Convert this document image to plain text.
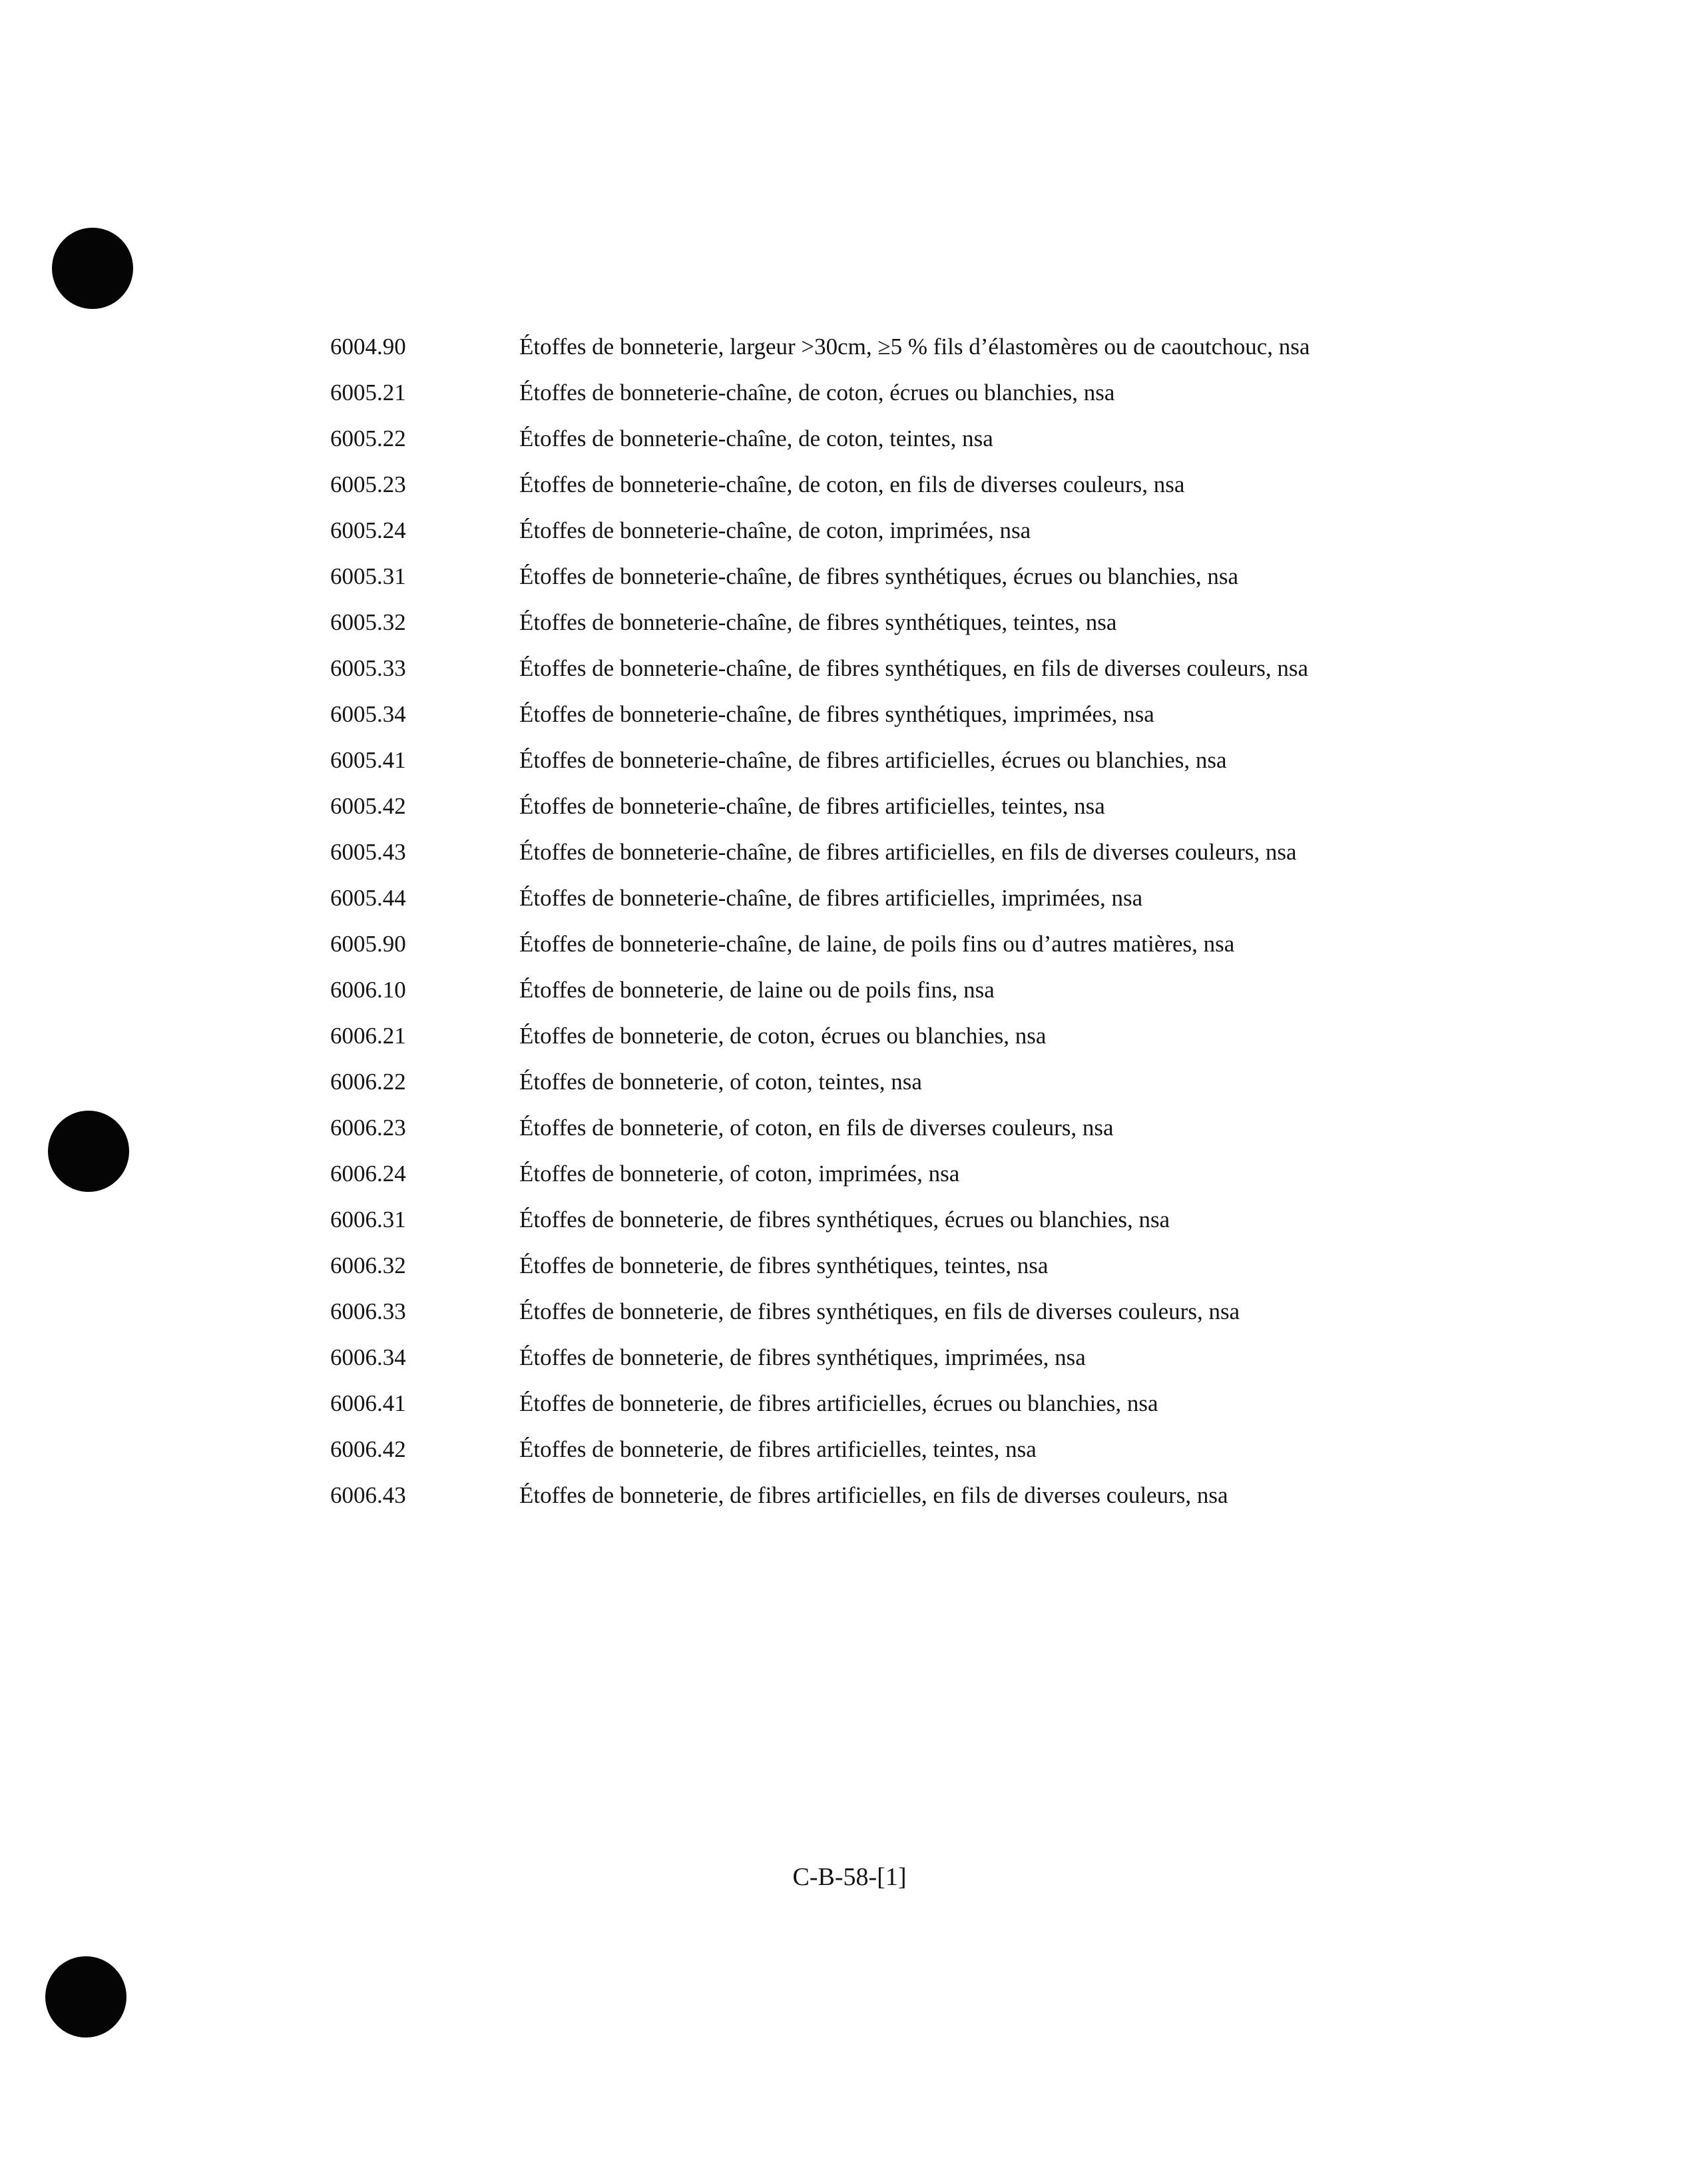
6004.90	Étoffes de bonneterie, largeur >30cm, ≥5 % fils d’élastomères ou de caoutchouc, nsa
6005.21	Étoffes de bonneterie-chaîne, de coton, écrues ou blanchies, nsa
6005.22	Étoffes de bonneterie-chaîne, de coton, teintes, nsa
6005.23	Étoffes de bonneterie-chaîne, de coton, en fils de diverses couleurs, nsa
6005.24	Étoffes de bonneterie-chaîne, de coton, imprimées, nsa
6005.31	Étoffes de bonneterie-chaîne, de fibres synthétiques, écrues ou blanchies, nsa
6005.32	Étoffes de bonneterie-chaîne, de fibres synthétiques, teintes, nsa
6005.33	Étoffes de bonneterie-chaîne, de fibres synthétiques, en fils de diverses couleurs, nsa
6005.34	Étoffes de bonneterie-chaîne, de fibres synthétiques, imprimées, nsa
6005.41	Étoffes de bonneterie-chaîne, de fibres artificielles, écrues ou blanchies, nsa
6005.42	Étoffes de bonneterie-chaîne, de fibres artificielles, teintes, nsa
6005.43	Étoffes de bonneterie-chaîne, de fibres artificielles, en fils de diverses couleurs, nsa
6005.44	Étoffes de bonneterie-chaîne, de fibres artificielles, imprimées, nsa
6005.90	Étoffes de bonneterie-chaîne, de laine, de poils fins ou d’autres matières, nsa
6006.10	Étoffes de bonneterie, de laine ou de poils fins, nsa
6006.21	Étoffes de bonneterie, de coton, écrues ou blanchies, nsa
6006.22	Étoffes de bonneterie, of coton, teintes, nsa
6006.23	Étoffes de bonneterie, of coton, en fils de diverses couleurs, nsa
6006.24	Étoffes de bonneterie, of coton, imprimées, nsa
6006.31	Étoffes de bonneterie, de fibres synthétiques, écrues ou blanchies, nsa
6006.32	Étoffes de bonneterie, de fibres synthétiques, teintes, nsa
6006.33	Étoffes de bonneterie, de fibres synthétiques, en fils de diverses couleurs, nsa
6006.34	Étoffes de bonneterie, de fibres synthétiques, imprimées, nsa
6006.41	Étoffes de bonneterie, de fibres artificielles, écrues ou blanchies, nsa
6006.42	Étoffes de bonneterie, de fibres artificielles, teintes, nsa
6006.43	Étoffes de bonneterie, de fibres artificielles, en fils de diverses couleurs, nsa
C-B-58-[1]
